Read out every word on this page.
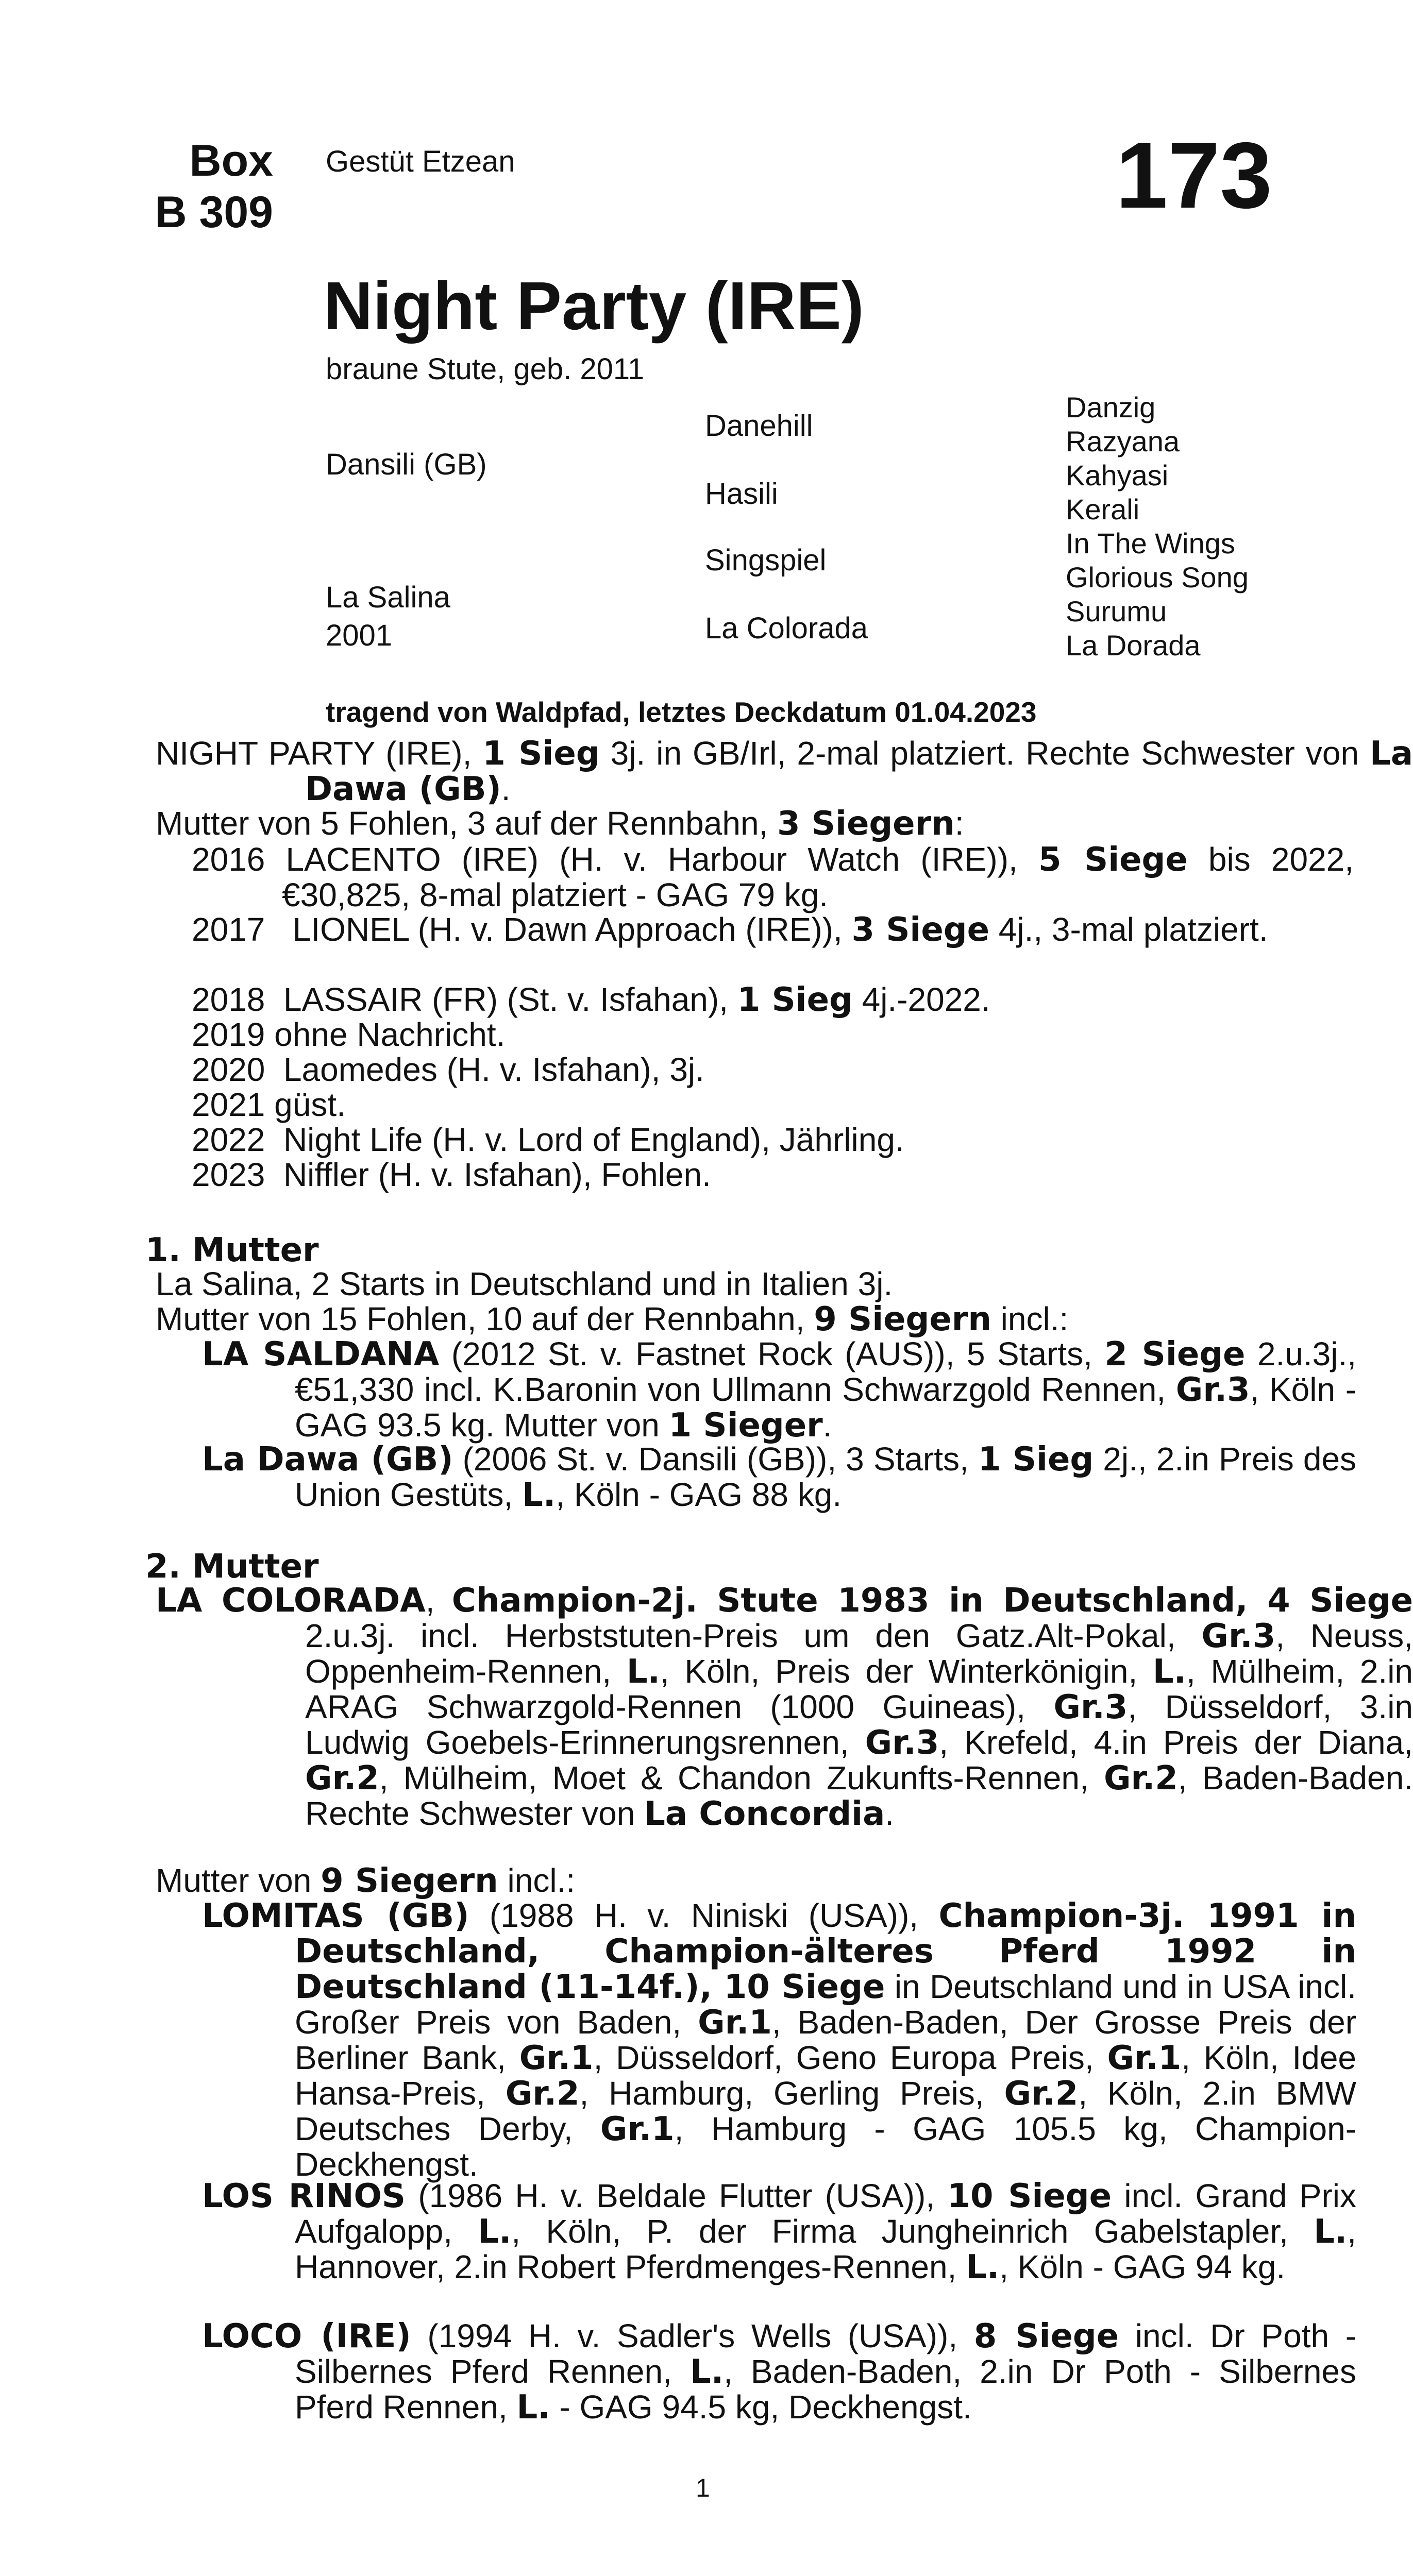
Box
B 309
Gestüt Etzean	173
Night Party (IRE)
braune Stute, geb. 2011
Dansili (GB)
La Salina
2001
Danehill
Hasili
Singspiel
La Colorada
Danzig
Razyana
Kahyasi
Kerali
In The Wings
Glorious Song
Surumu
La Dorada
tragend von Waldpfad, letztes Deckdatum 01.04.2023
NIGHT PARTY (IRE), 1 Sieg 3j. in GB/Irl, 2-mal platziert. Rechte Schwester von La Dawa (GB).
Mutter von 5 Fohlen, 3 auf der Rennbahn, 3 Siegern:
2016 LACENTO (IRE) (H. v. Harbour Watch (IRE)), 5 Siege bis 2022, €30,825, 8-mal platziert - GAG 79 kg.
2017 LIONEL (H. v. Dawn Approach (IRE)), 3 Siege 4j., 3-mal platziert.
2018 LASSAIR (FR) (St. v. Isfahan), 1 Sieg 4j.-2022.
2019 ohne Nachricht.
2020 Laomedes (H. v. Isfahan), 3j.
2021 güst.
2022 Night Life (H. v. Lord of England), Jährling.
2023 Niffler (H. v. Isfahan), Fohlen.
1. Mutter
La Salina, 2 Starts in Deutschland und in Italien 3j.
Mutter von 15 Fohlen, 10 auf der Rennbahn, 9 Siegern incl.:
LA SALDANA (2012 St. v. Fastnet Rock (AUS)), 5 Starts, 2 Siege 2.u.3j., €51,330 incl. K.Baronin von Ullmann Schwarzgold Rennen, Gr.3, Köln - GAG 93.5 kg. Mutter von 1 Sieger.
La Dawa (GB) (2006 St. v. Dansili (GB)), 3 Starts, 1 Sieg 2j., 2.in Preis des Union Gestüts, L., Köln - GAG 88 kg.
2. Mutter
LA COLORADA, Champion-2j. Stute 1983 in Deutschland, 4 Siege 2.u.3j. incl. Herbststuten-Preis um den Gatz.Alt-Pokal, Gr.3, Neuss, Oppenheim-Rennen, L., Köln, Preis der Winterkönigin, L., Mülheim, 2.in ARAG Schwarzgold-Rennen (1000 Guineas), Gr.3, Düsseldorf, 3.in Ludwig Goebels-Erinnerungsrennen, Gr.3, Krefeld, 4.in Preis der Diana, Gr.2, Mülheim, Moet & Chandon Zukunfts-Rennen, Gr.2, Baden-Baden. Rechte Schwester von La Concordia.
Mutter von 9 Siegern incl.:
LOMITAS (GB) (1988 H. v. Niniski (USA)), Champion-3j. 1991 in Deutschland, Champion-älteres Pferd 1992 in Deutschland (11-14f.), 10 Siege in Deutschland und in USA incl. Großer Preis von Baden, Gr.1, Baden-Baden, Der Grosse Preis der Berliner Bank, Gr.1, Düsseldorf, Geno Europa Preis, Gr.1, Köln, Idee Hansa-Preis, Gr.2, Hamburg, Gerling Preis, Gr.2, Köln, 2.in BMW Deutsches Derby, Gr.1, Hamburg - GAG 105.5 kg, Champion-Deckhengst.
LOS RINOS (1986 H. v. Beldale Flutter (USA)), 10 Siege incl. Grand Prix Aufgalopp, L., Köln, P. der Firma Jungheinrich Gabelstapler, L., Hannover, 2.in Robert Pferdmenges-Rennen, L., Köln - GAG 94 kg.
LOCO (IRE) (1994 H. v. Sadler's Wells (USA)), 8 Siege incl. Dr Poth - Silbernes Pferd Rennen, L., Baden-Baden, 2.in Dr Poth - Silbernes Pferd Rennen, L. - GAG 94.5 kg, Deckhengst.
1
